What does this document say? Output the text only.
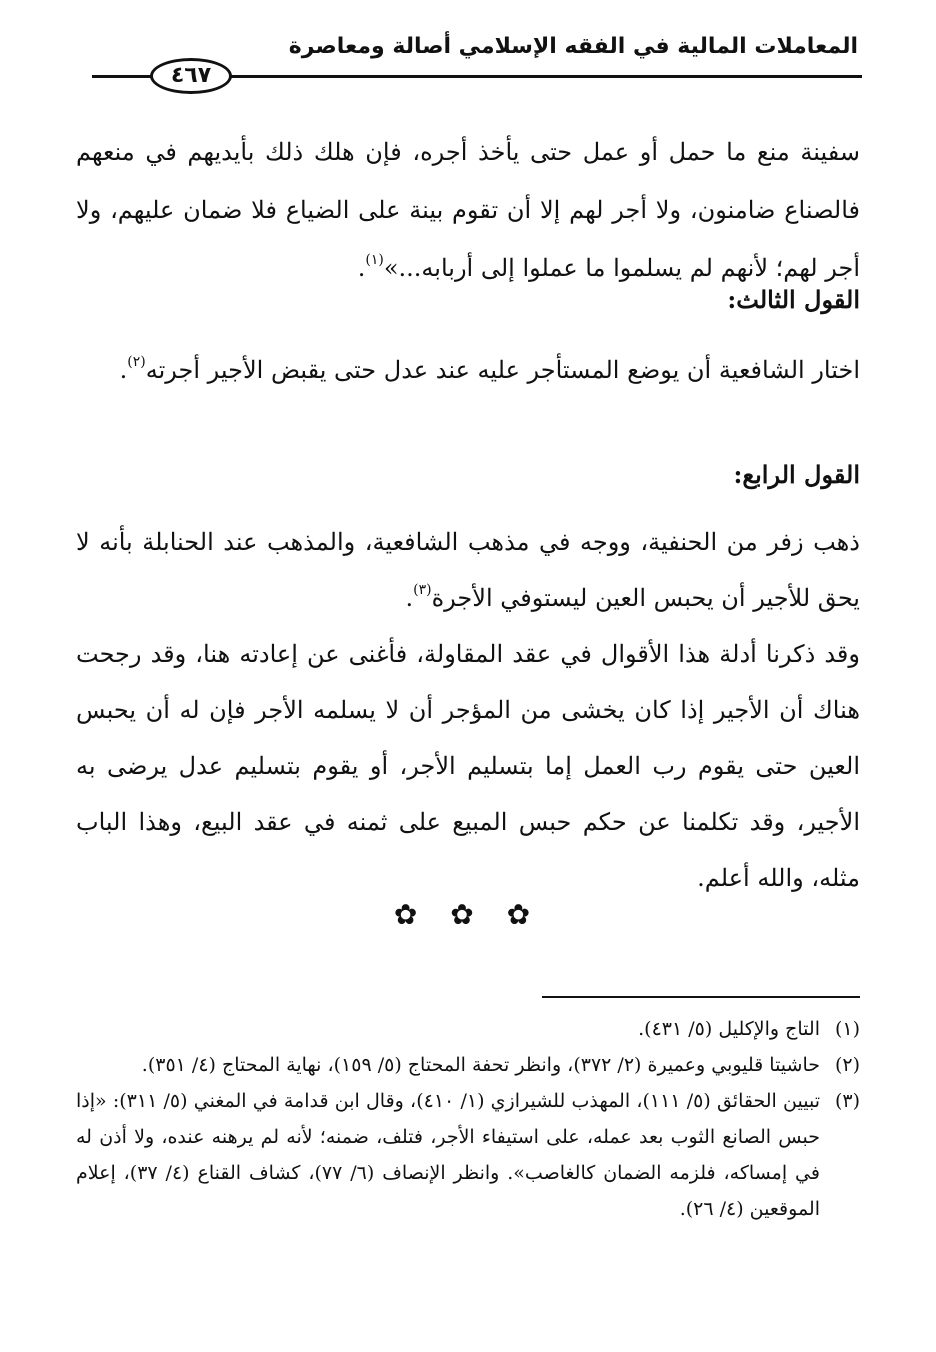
المعاملات المالية في الفقه الإسلامي أصالة ومعاصرة
٤٦٧

سفينة منع ما حمل أو عمل حتى يأخذ أجره، فإن هلك ذلك بأيديهم في منعهم فالصناع ضامنون، ولا أجر لهم إلا أن تقوم بينة على الضياع فلا ضمان عليهم، ولا أجر لهم؛ لأنهم لم يسلموا ما عملوا إلى أربابه...»$^{(١)}$.

القول الثالث:

اختار الشافعية أن يوضع المستأجر عليه عند عدل حتى يقبض الأجير أجرته$^{(٢)}$.

القول الرابع:

ذهب زفر من الحنفية، ووجه في مذهب الشافعية، والمذهب عند الحنابلة بأنه لا يحق للأجير أن يحبس العين ليستوفي الأجرة$^{(٣)}$.

وقد ذكرنا أدلة هذا الأقوال في عقد المقاولة، فأغنى عن إعادته هنا، وقد رجحت هناك أن الأجير إذا كان يخشى من المؤجر أن لا يسلمه الأجر فإن له أن يحبس العين حتى يقوم رب العمل إما بتسليم الأجر، أو يقوم بتسليم عدل يرضى به الأجير، وقد تكلمنا عن حكم حبس المبيع على ثمنه في عقد البيع، وهذا الباب مثله، والله أعلم.

✿ ✿ ✿
(١)
التاج والإكليل (٥/ ٤٣١).
(٢)
حاشيتا قليوبي وعميرة (٢/ ٣٧٢)، وانظر تحفة المحتاج (٥/ ١٥٩)، نهاية المحتاج (٤/ ٣٥١).
(٣)
تبيين الحقائق (٥/ ١١١)، المهذب للشيرازي (١/ ٤١٠)، وقال ابن قدامة في المغني (٥/ ٣١١): «إذا حبس الصانع الثوب بعد عمله، على استيفاء الأجر، فتلف، ضمنه؛ لأنه لم يرهنه عنده، ولا أذن له في إمساكه، فلزمه الضمان كالغاصب». وانظر الإنصاف (٦/ ٧٧)، كشاف القناع (٤/ ٣٧)، إعلام الموقعين (٤/ ٢٦).
